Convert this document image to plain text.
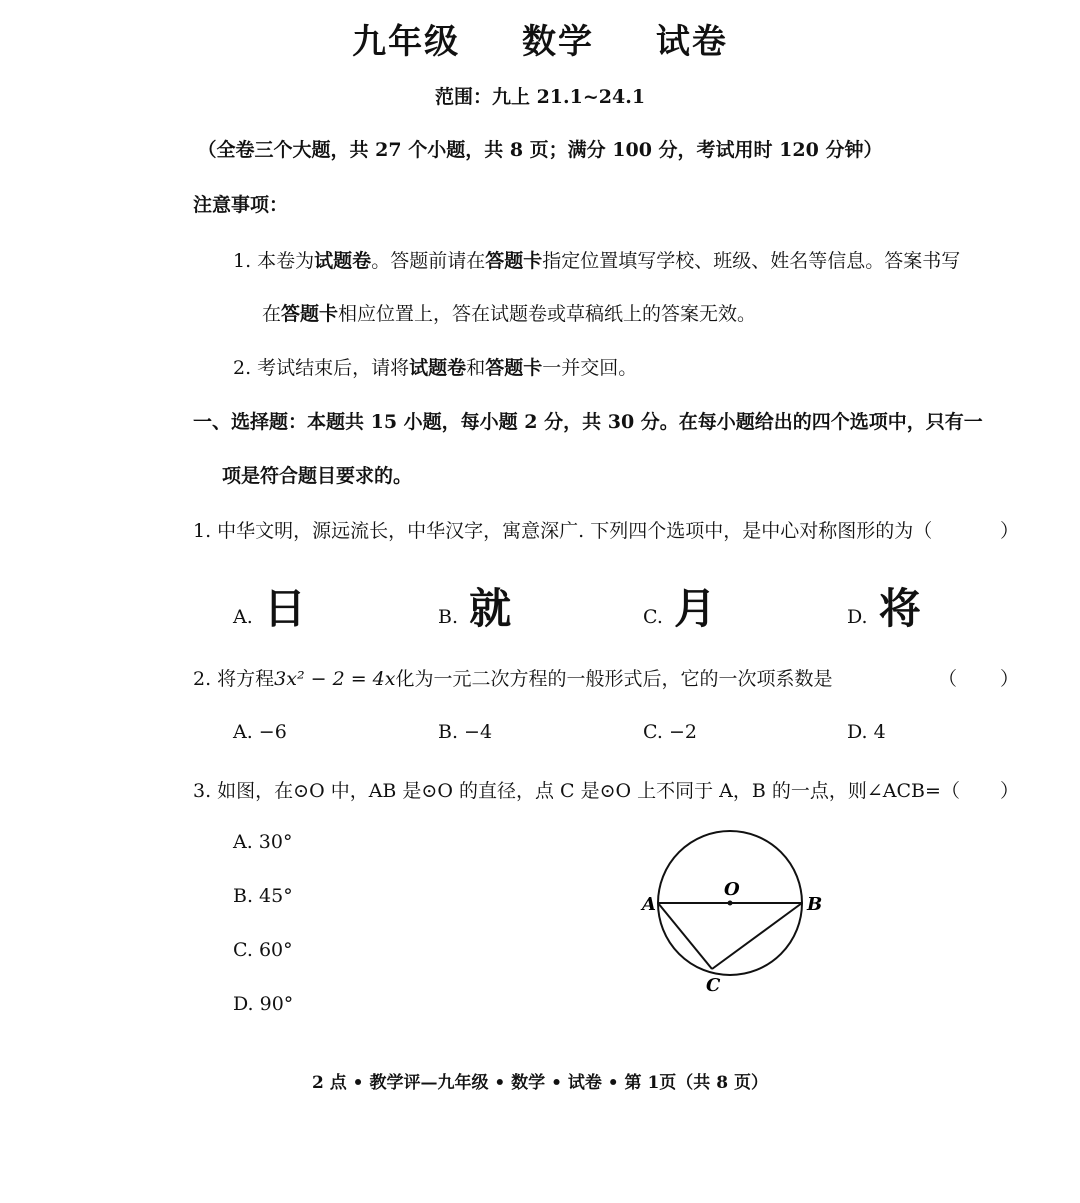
九年级 数学 试卷
范围：九上 21.1~24.1
（全卷三个大题，共 27 个小题，共 8 页；满分 100 分，考试用时 120 分钟）
注意事项：
1. 本卷为试题卷。答题前请在答题卡指定位置填写学校、班级、姓名等信息。答案书写
在答题卡相应位置上，答在试题卷或草稿纸上的答案无效。
2. 考试结束后，请将试题卷和答题卡一并交回。
一、选择题：本题共 15 小题，每小题 2 分，共 30 分。在每小题给出的四个选项中，只有一
项是符合题目要求的。
1. 中华文明，源远流长，中华汉字，寓意深广. 下列四个选项中，是中心对称图形的为（	）
A. 日	B. 就	C. 月	D. 将
2. 将方程3x² − 2 = 4x化为一元二次方程的一般形式后，它的一次项系数是	（ ）
A. −6	B. −4	C. −2	D. 4
3. 如图，在⊙O 中，AB 是⊙O 的直径，点 C 是⊙O 上不同于 A，B 的一点，则∠ACB=（ ）
A. 30°
B. 45°
C. 60°
D. 90°
O
A	B
C
2 点 • 教学评—九年级 • 数学 • 试卷 • 第 1页（共 8 页）
